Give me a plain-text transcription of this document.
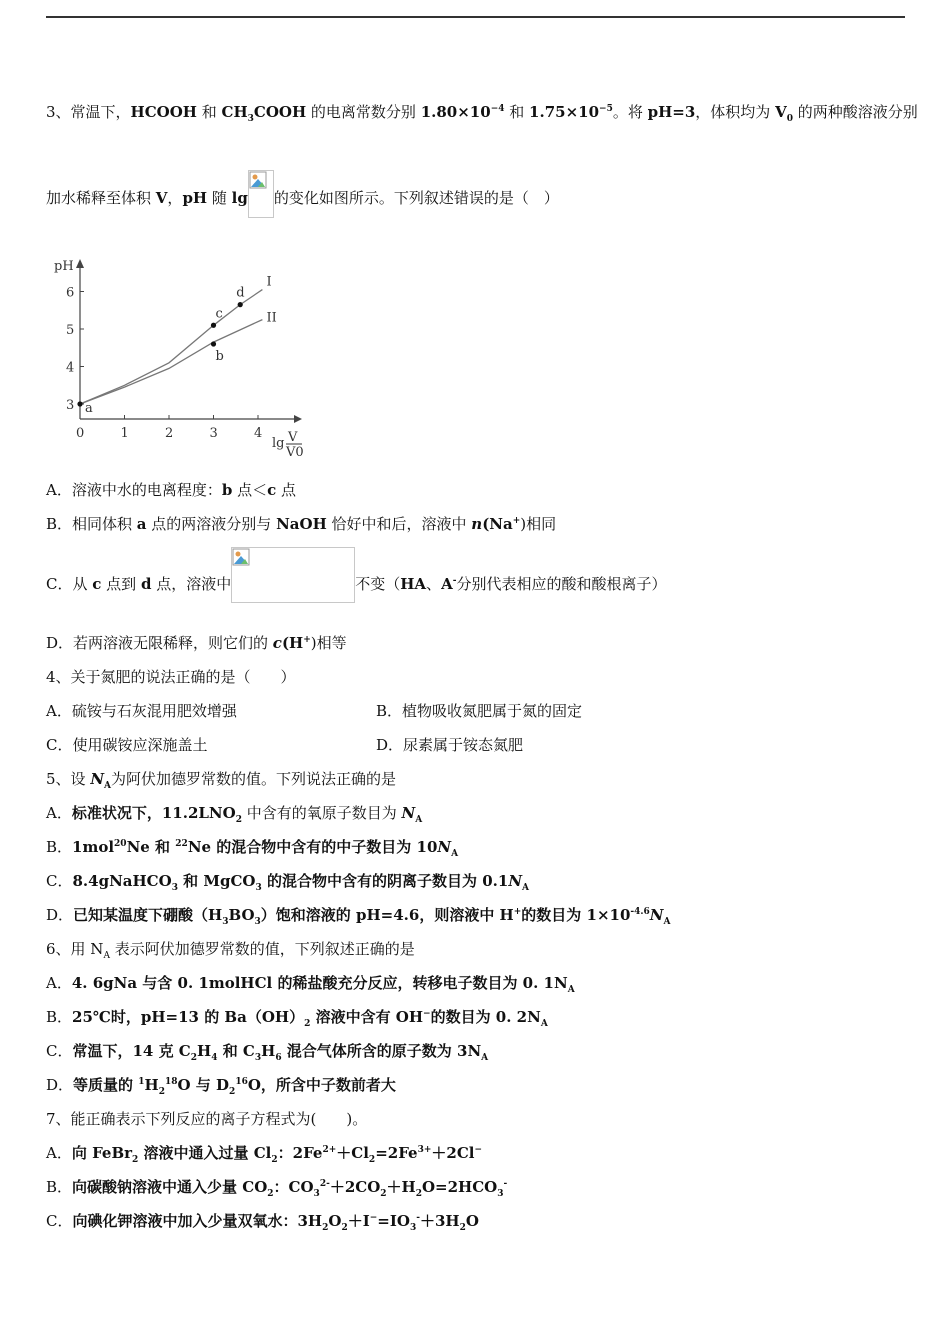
3、常温下，HCOOH 和 $CH_3COOH$ 的电离常数分别 $1.80\times 10^{-4}$ 和 $1.75\times 10^{-5}$。将 pH=3，体积均为 $V_0$ 的两种酸溶液分别
加水稀释至体积 V，pH 随 lg 的变化如图所示。下列叙述错误的是（　）
0	1	2	3	4
3
4
5
6
pH
lg V
V0
I
II
a
b
c
d
A．溶液中水的电离程度：b 点＜c 点
B．相同体积 a 点的两溶液分别与 NaOH 恰好中和后，溶液中 n(Na+)相同
C．从 c 点到 d 点，溶液中	不变（HA、A-分别代表相应的酸和酸根离子）
D．若两溶液无限稀释，则它们的 c(H+)相等
4、关于氮肥的说法正确的是（　　）
A．硫铵与石灰混用肥效增强	B．植物吸收氮肥属于氮的固定
C．使用碳铵应深施盖土	D．尿素属于铵态氮肥
5、设 $N_A$为阿伏加德罗常数的值。下列说法正确的是
A．标准状况下，$11.2LNO_2$ 中含有的氧原子数目为 $N_A$
B．1mol$^{20}$Ne 和 $^{22}$Ne 的混合物中含有的中子数目为 $10N_A$
C．8.4gNaHCO$_3$ 和 MgCO$_3$ 的混合物中含有的阴离子数目为 $0.1N_A$
D．已知某温度下硼酸$(H_3BO_3)$饱和溶液的 pH=4.6，则溶液中 H+的数目为 $1\times 10^{-4.6}N_A$
6、用 $N_A$ 表示阿伏加德罗常数的值，下列叙述正确的是
A．4. 6gNa 与含 0. 1molHCl 的稀盐酸充分反应，转移电子数目为 0. $1N_A$
B．25℃时，pH=13 的 $Ba(OH)_2$ 溶液中含有 OH−的数目为 0. $2N_A$
C．常温下，14 克 $C_2H_4$ 和 $C_3H_6$ 混合气体所含的原子数为 $3N_A$
D．等质量的 $^1H_2^{18}O$ 与 $D_2^{16}O$，所含中子数前者大
7、能正确表示下列反应的离子方程式为(　　)。
A．向 FeBr$_2$ 溶液中通入过量 $Cl_2$：$2Fe^{2+}+Cl_2=2Fe^{3+}+2Cl^-$
B．向碳酸钠溶液中通入少量 $CO_2$：$CO_3^{2-}+2CO_2+H_2O=2HCO_3^-$
C．向碘化钾溶液中加入少量双氧水：$3H_2O_2+I^-=IO_3^-+3H_2O$
